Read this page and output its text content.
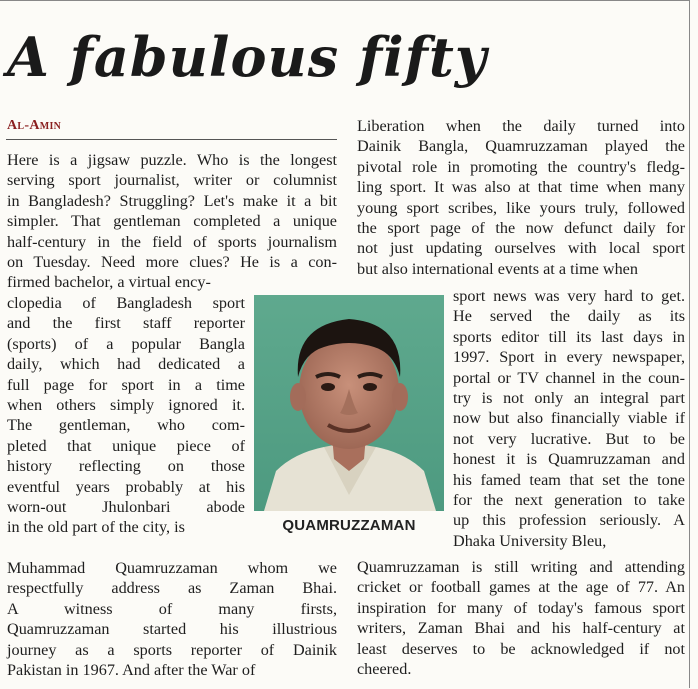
A fabulous fifty
Al-Amin
Here is a jigsaw puzzle. Who is the longest
serving sport journalist, writer or columnist
in Bangladesh? Struggling? Let's make it a bit
simpler. That gentleman completed a unique
half-century in the field of sports journalism
on Tuesday. Need more clues? He is a con-
firmed bachelor, a virtual ency-
clopedia of Bangladesh sport
and the first staff reporter
(sports) of a popular Bangla
daily, which had dedicated a
full page for sport in a time
when others simply ignored it.
The gentleman, who com-
pleted that unique piece of
history reflecting on those
eventful years probably at his
worn-out Jhulonbari abode
in the old part of the city, is
Muhammad Quamruzzaman whom we
respectfully address as Zaman Bhai.
A witness of many firsts,
Quamruzzaman started his illustrious
journey as a sports reporter of Dainik
Pakistan in 1967. And after the War of
Liberation when the daily turned into
Dainik Bangla, Quamruzzaman played the
pivotal role in promoting the country's fledg-
ling sport. It was also at that time when many
young sport scribes, like yours truly, followed
the sport page of the now defunct daily for
not just updating ourselves with local sport
but also international events at a time when
sport news was very hard to get.
He served the daily as its
sports editor till its last days in
1997. Sport in every newspaper,
portal or TV channel in the coun-
try is not only an integral part
now but also financially viable if
not very lucrative. But to be
honest it is Quamruzzaman and
his famed team that set the tone
for the next generation to take
up this profession seriously. A
Dhaka University Bleu,
Quamruzzaman is still writing and attending
cricket or football games at the age of 77. An
inspiration for many of today's famous sport
writers, Zaman Bhai and his half-century at
least deserves to be acknowledged if not
cheered.
QUAMRUZZAMAN
